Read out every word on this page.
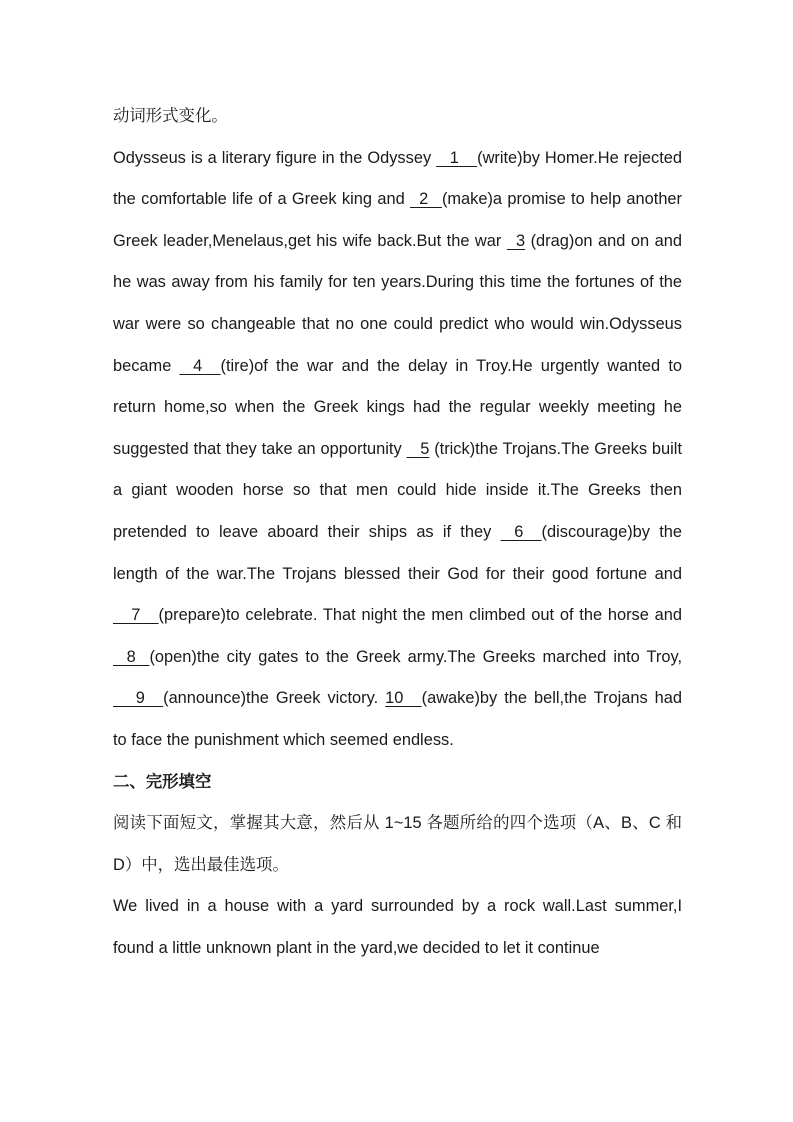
动词形式变化。

Odysseus is a literary figure in the Odyssey    1    (write)by Homer.He rejected the comfortable life of a Greek king and   2   (make)a promise to help another Greek leader,Menelaus,get his wife back.But the war   3 (drag)on and on and he was away from his family for ten years.During this time the fortunes of the war were so changeable that no one could predict who would win.Odysseus became    4    (tire)of the war and the delay in Troy.He urgently wanted to return home,so when the Greek kings had the regular weekly meeting he suggested that they take an opportunity    5 (trick)the Trojans.The Greeks built a giant wooden horse so that men could hide inside it.The Greeks then pretended to leave aboard their ships as if they    6    (discourage)by the length of the war.The Trojans blessed their God for their good fortune and    7    (prepare)to celebrate. That night the men climbed out of the horse and    8   (open)the city gates to the Greek army.The Greeks marched into Troy,     9    (announce)the Greek victory. 10    (awake)by the bell,the Trojans had to face the punishment which seemed endless.

二、完形填空

阅读下面短文，掌握其大意，然后从 1~15 各题所给的四个选项（A、B、C 和 D）中，选出最佳选项。

We lived in a house with a yard surrounded by a rock wall.Last summer,I found a little unknown plant in the yard,we decided to let it continue
